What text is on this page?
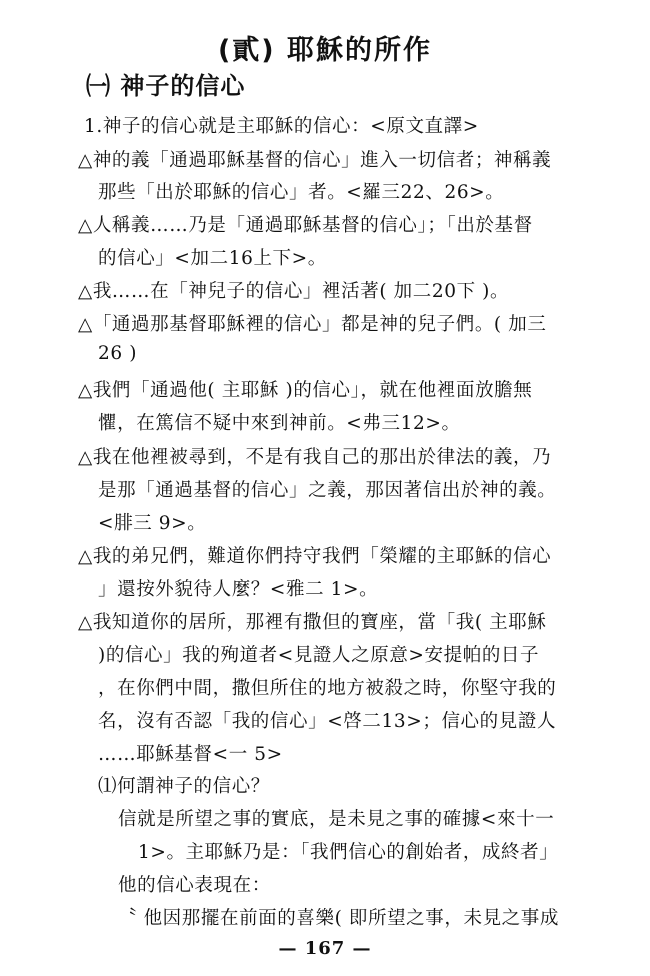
(貳) 耶穌的所作
㈠ 神子的信心
1.神子的信心就是主耶穌的信心：<原文直譯>
△神的義「通過耶穌基督的信心」進入一切信者；神稱義
那些「出於耶穌的信心」者。<羅三22、26>。
△人稱義……乃是「通過耶穌基督的信心」；「出於基督
的信心」<加二16上下>。
△我……在「神兒子的信心」裡活著( 加二20下 )。
△「通過那基督耶穌裡的信心」都是神的兒子們。( 加三
26 )
△我們「通過他( 主耶穌 )的信心」，就在他裡面放膽無
懼，在篤信不疑中來到神前。<弗三12>。
△我在他裡被尋到，不是有我自己的那出於律法的義，乃
是那「通過基督的信心」之義，那因著信出於神的義。
<腓三 9>。
△我的弟兄們，難道你們持守我們「榮耀的主耶穌的信心
」還按外貌待人麼？<雅二 1>。
△我知道你的居所，那裡有撒但的寶座，當「我( 主耶穌
)的信心」我的殉道者<見證人之原意>安提帕的日子
，在你們中間，撒但所住的地方被殺之時，你堅守我的
名，沒有否認「我的信心」<啓二13>；信心的見證人
……耶穌基督<一 5>
⑴何謂神子的信心？
信就是所望之事的實底，是未見之事的確據<來十一
1>。主耶穌乃是：「我們信心的創始者，成終者」
他的信心表現在：
〝 他因那擺在前面的喜樂( 即所望之事，未見之事成
— 167 —
